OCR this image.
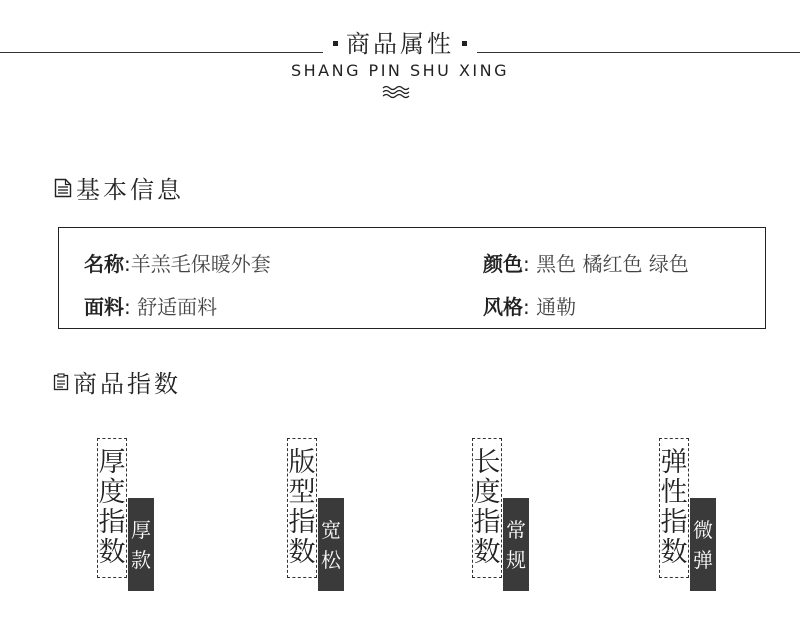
商品属性
SHANG PIN SHU XING
基本信息
名称:羊羔毛保暖外套	颜色: 黑色 橘红色 绿色
面料: 舒适面料	风格: 通勒
商品指数
厚
度
指
数
厚
款
版
型
指
数
宽
松
长
度
指
数
常
规
弹
性
指
数
微
弹
